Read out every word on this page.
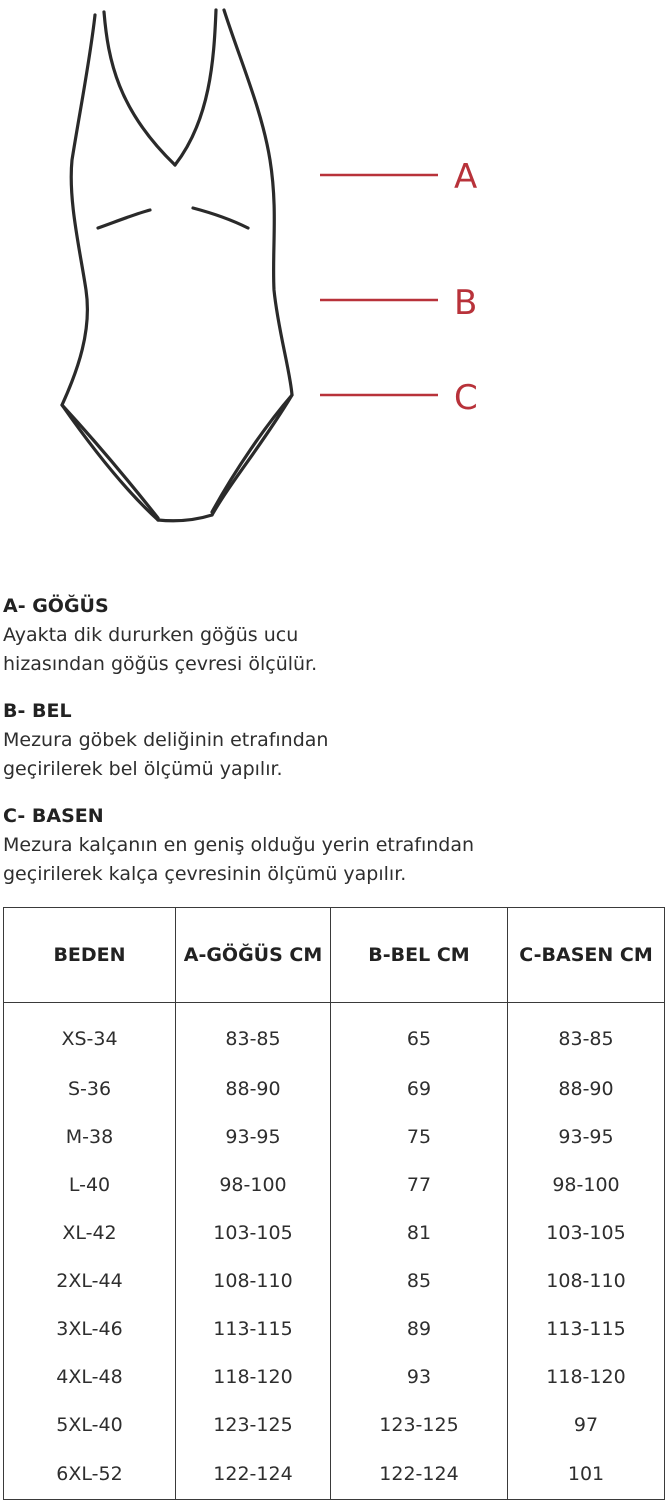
A
B
C
A- GÖĞÜS
Ayakta dik dururken göğüs ucu
hizasından göğüs çevresi ölçülür.
B- BEL
Mezura göbek deliğinin etrafından
geçirilerek bel ölçümü yapılır.
C- BASEN
Mezura kalçanın en geniş olduğu yerin etrafından
geçirilerek kalça çevresinin ölçümü yapılır.
BEDEN	A-GÖĞÜS CM	B-BEL CM	C-BASEN CM
XS-34	83-85	65	83-85
S-36	88-90	69	88-90
M-38	93-95	75	93-95
L-40	98-100	77	98-100
XL-42	103-105	81	103-105
2XL-44	108-110	85	108-110
3XL-46	113-115	89	113-115
4XL-48	118-120	93	118-120
5XL-40	123-125	123-125	97
6XL-52	122-124	122-124	101
